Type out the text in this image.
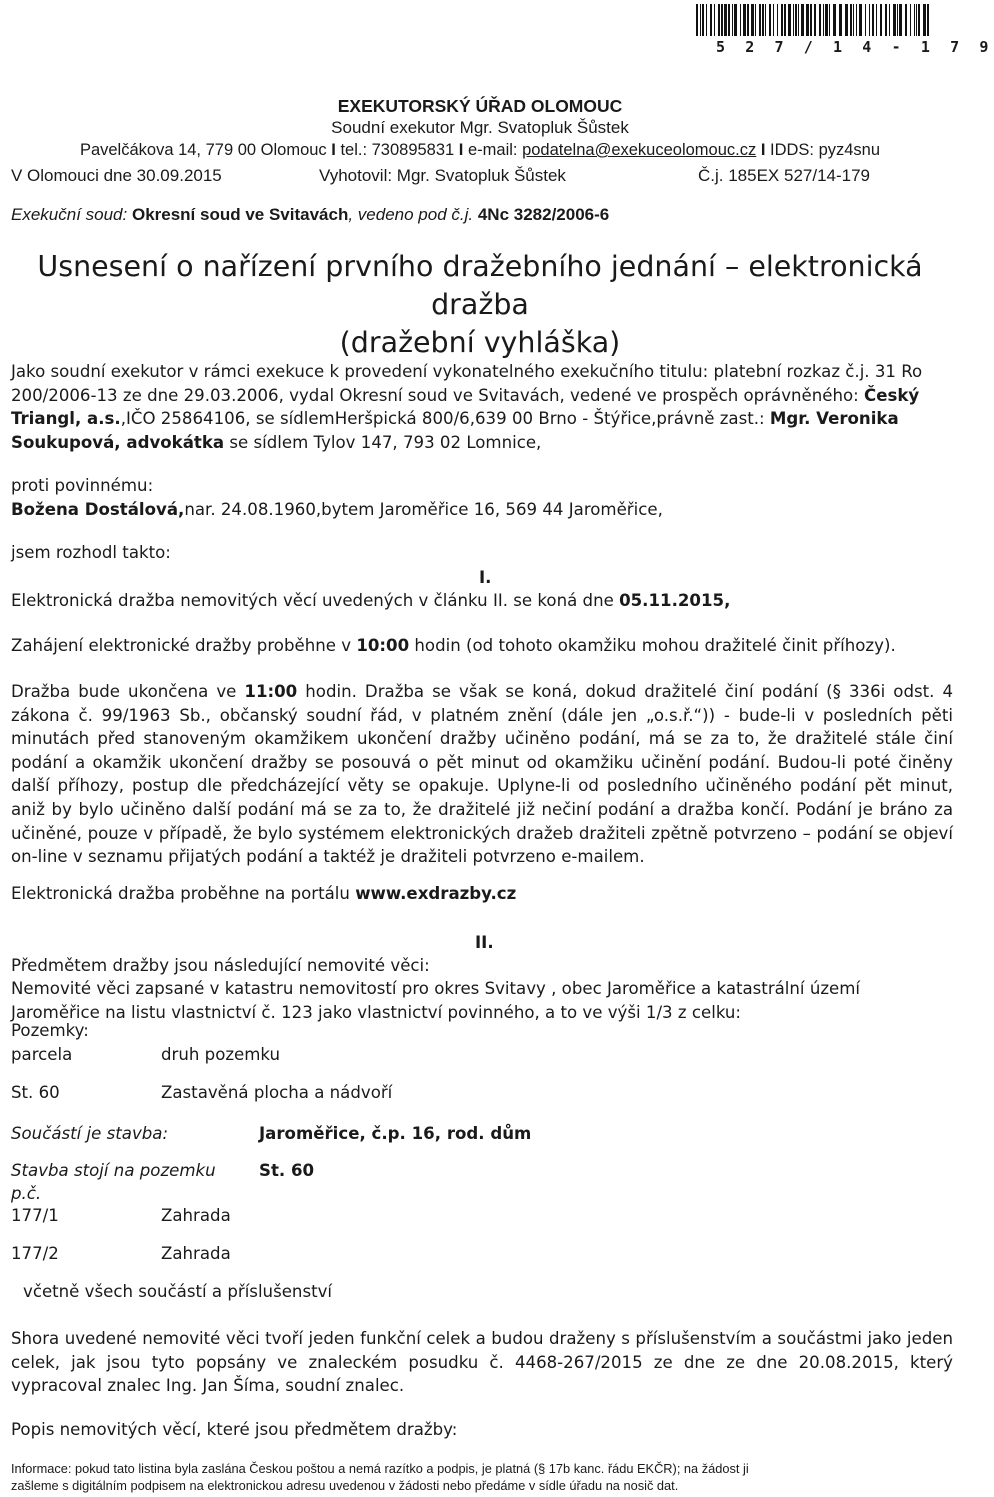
5 2 7 / 1 4 - 1 7 9
EXEKUTORSKÝ ÚŘAD OLOMOUC
Soudní exekutor Mgr. Svatopluk Šůstek
Pavelčákova 14, 779 00 Olomouc I tel.: 730895831 I e-mail: podatelna@exekuceolomouc.cz I IDDS: pyz4snu
V Olomouci dne 30.09.2015	Vyhotovil: Mgr. Svatopluk Šůstek	Č.j. 185EX 527/14-179
Exekuční soud: Okresní soud ve Svitavách, vedeno pod č.j. 4Nc 3282/2006-6
Usnesení o nařízení prvního dražebního jednání – elektronická
dražba
(dražební vyhláška)
Jako soudní exekutor v rámci exekuce k provedení vykonatelného exekučního titulu: platební rozkaz č.j. 31 Ro 200/2006-13 ze dne 29.03.2006, vydal Okresní soud ve Svitavách, vedené ve prospěch oprávněného: Český Triangl, a.s.,IČO 25864106, se sídlemHeršpická 800/6,639 00 Brno - Štýřice,právně zast.: Mgr. Veronika Soukupová, advokátka se sídlem Tylov 147, 793 02 Lomnice,
proti povinnému:
Božena Dostálová,nar. 24.08.1960,bytem Jaroměřice 16, 569 44 Jaroměřice,
jsem rozhodl takto:
I.
Elektronická dražba nemovitých věcí uvedených v článku II. se koná dne 05.11.2015,
Zahájení elektronické dražby proběhne v 10:00 hodin (od tohoto okamžiku mohou dražitelé činit příhozy).
Dražba bude ukončena ve 11:00 hodin. Dražba se však se koná, dokud dražitelé činí podání (§ 336i odst. 4 zákona č. 99/1963 Sb., občanský soudní řád, v platném znění (dále jen „o.s.ř.“)) - bude-li v posledních pěti minutách před stanoveným okamžikem ukončení dražby učiněno podání, má se za to, že dražitelé stále činí podání a okamžik ukončení dražby se posouvá o pět minut od okamžiku učinění podání. Budou-li poté činěny další příhozy, postup dle předcházející věty se opakuje. Uplyne-li od posledního učiněného podání pět minut, aniž by bylo učiněno další podání má se za to, že dražitelé již nečiní podání a dražba končí. Podání je bráno za učiněné, pouze v případě, že bylo systémem elektronických dražeb dražiteli zpětně potvrzeno – podání se objeví on-line v seznamu přijatých podání a taktéž je dražiteli potvrzeno e-mailem.
Elektronická dražba proběhne na portálu www.exdrazby.cz
II.
Předmětem dražby jsou následující nemovité věci:
Nemovité věci zapsané v katastru nemovitostí pro okres Svitavy , obec Jaroměřice a katastrální území Jaroměřice na listu vlastnictví č. 123 jako vlastnictví povinného, a to ve výši 1/3 z celku:
Pozemky:
parcela	druh pozemku
St. 60	Zastavěná plocha a nádvoří
Součástí je stavba:	Jaroměřice, č.p. 16, rod. dům
Stavba stojí na pozemku	St. 60
p.č.
177/1	Zahrada
177/2	Zahrada
včetně všech součástí a příslušenství
Shora uvedené nemovité věci tvoří jeden funkční celek a budou draženy s příslušenstvím a součástmi jako jeden celek, jak jsou tyto popsány ve znaleckém posudku č. 4468-267/2015 ze dne ze dne 20.08.2015, který vypracoval znalec Ing. Jan Šíma, soudní znalec.
Popis nemovitých věcí, které jsou předmětem dražby:
Informace: pokud tato listina byla zaslána Českou poštou a nemá razítko a podpis, je platná (§ 17b kanc. řádu EKČR); na žádost ji
zašleme s digitálním podpisem na elektronickou adresu uvedenou v žádosti nebo předáme v sídle úřadu na nosič dat.
